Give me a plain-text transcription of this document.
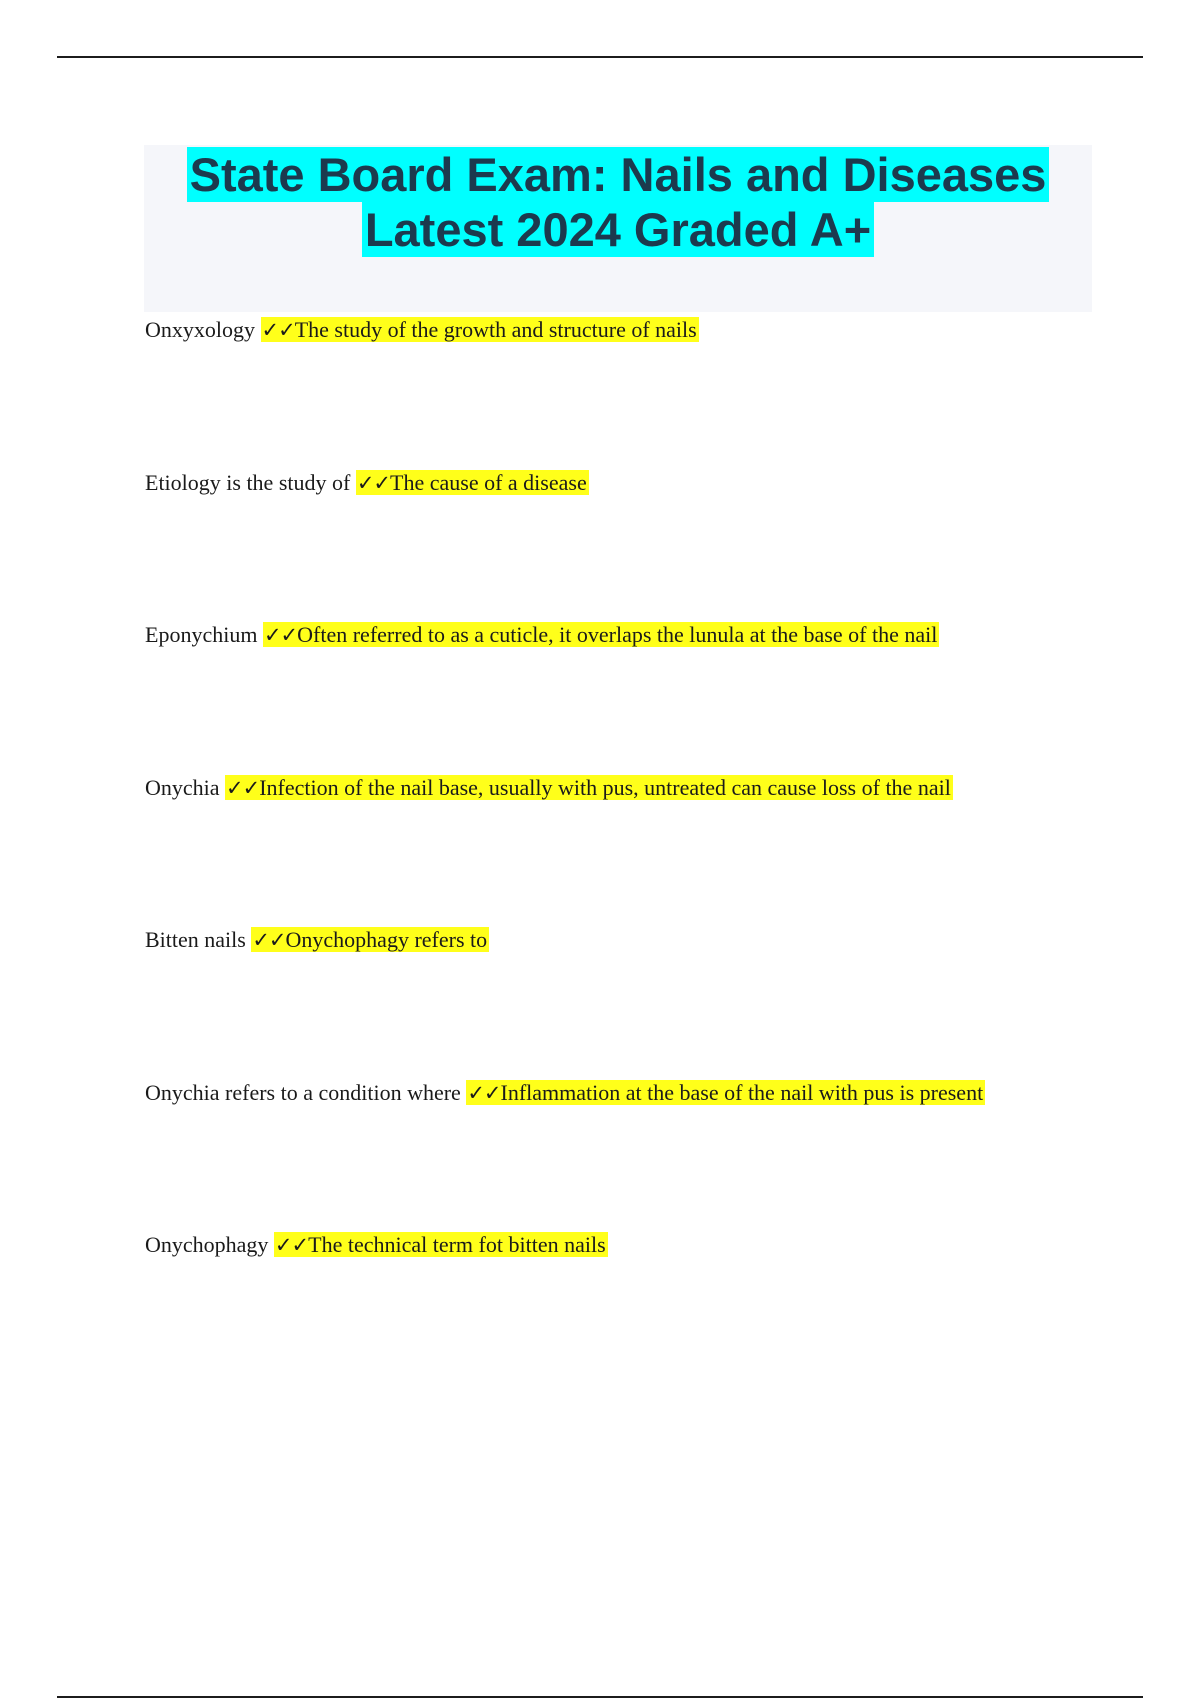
State Board Exam: Nails and Diseases
Latest 2024 Graded A+
Onxyxology ✓✓The study of the growth and structure of nails
Etiology is the study of ✓✓The cause of a disease
Eponychium ✓✓Often referred to as a cuticle, it overlaps the lunula at the base of the nail
Onychia ✓✓Infection of the nail base, usually with pus, untreated can cause loss of the nail
Bitten nails ✓✓Onychophagy refers to
Onychia refers to a condition where ✓✓Inflammation at the base of the nail with pus is present
Onychophagy ✓✓The technical term fot bitten nails
